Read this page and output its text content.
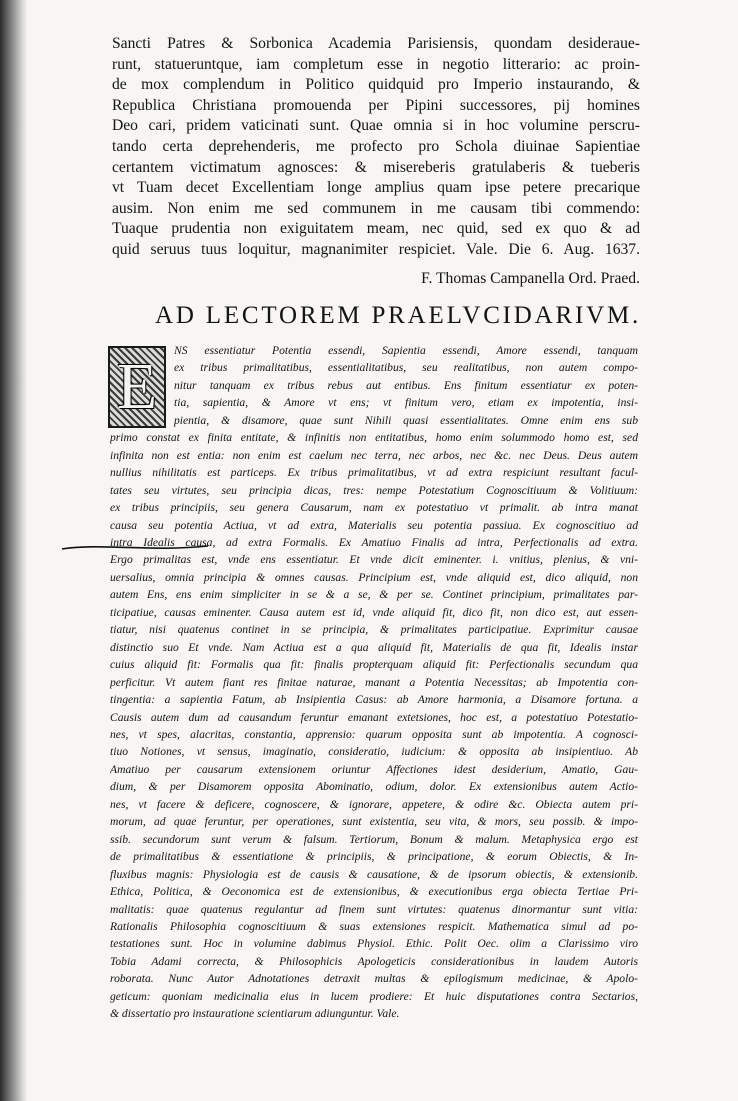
Sancti Patres & Sorbonica Academia Parisiensis, quondam desideraue-
runt, statueruntque, iam completum esse in negotio litterario: ac proin-
de mox complendum in Politico quidquid pro Imperio instaurando, &
Republica Christiana promouenda per Pipini successores, pij homines
Deo cari, pridem vaticinati sunt. Quae omnia si in hoc volumine perscru-
tando certa deprehenderis, me profecto pro Schola diuinae Sapientiae
certantem victimatum agnosces: & misereberis gratulaberis & tueberis
vt Tuam decet Excellentiam longe amplius quam ipse petere precarique
ausim. Non enim me sed communem in me causam tibi commendo:
Tuaque prudentia non exiguitatem meam, nec quid, sed ex quo & ad
quid seruus tuus loquitur, magnanimiter respiciet. Vale. Die 6. Aug. 1637.
F. Thomas Campanella Ord. Praed.
AD LECTOREM PRAELVCIDARIVM.
E	NS essentiatur Potentia essendi, Sapientia essendi, Amore essendi, tanquam
ex tribus primalitatibus, essentialitatibus, seu realitatibus, non autem compo-
nitur tanquam ex tribus rebus aut entibus. Ens finitum essentiatur ex poten-
tia, sapientia, & Amore vt ens; vt finitum vero, etiam ex impotentia, insi-
pientia, & disamore, quae sunt Nihili quasi essentialitates. Omne enim ens sub
primo constat ex finita entitate, & infinitis non entitatibus, homo enim solummodo homo est, sed
infinita non est entia: non enim est caelum nec terra, nec arbos, nec &c. nec Deus. Deus autem
nullius nihilitatis est particeps. Ex tribus primalitatibus, vt ad extra respiciunt resultant facul-
tates seu virtutes, seu principia dicas, tres: nempe Potestatium Cognoscitiuum & Volitiuum:
ex tribus principiis, seu genera Causarum, nam ex potestatiuo vt primalit. ab intra manat
causa seu potentia Actiua, vt ad extra, Materialis seu potentia passiua. Ex cognoscitiuo ad
intra Idealis causa, ad extra Formalis. Ex Amatiuo Finalis ad intra, Perfectionalis ad extra.
Ergo primalitas est, vnde ens essentiatur. Et vnde dicit eminenter. i. vnitius, plenius, & vni-
uersalius, omnia principia & omnes causas. Principium est, vnde aliquid est, dico aliquid, non
autem Ens, ens enim simpliciter in se & a se, & per se. Continet principium, primalitates par-
ticipatiue, causas eminenter. Causa autem est id, vnde aliquid fit, dico fit, non dico est, aut essen-
tiatur, nisi quatenus continet in se principia, & primalitates participatiue. Exprimitur causae
distinctio suo Et vnde. Nam Actiua est a qua aliquid fit, Materialis de qua fit, Idealis instar
cuius aliquid fit: Formalis qua fit: finalis propterquam aliquid fit: Perfectionalis secundum qua
perficitur. Vt autem fiant res finitae naturae, manant a Potentia Necessitas; ab Impotentia con-
tingentia: a sapientia Fatum, ab Insipientia Casus: ab Amore harmonia, a Disamore fortuna. a
Causis autem dum ad causandum feruntur emanant extetsiones, hoc est, a potestatiuo Potestatio-
nes, vt spes, alacritas, constantia, apprensio: quarum opposita sunt ab impotentia. A cognosci-
tiuo Notiones, vt sensus, imaginatio, consideratio, iudicium: & opposita ab insipientiuo. Ab
Amatiuo per causarum extensionem oriuntur Affectiones idest desiderium, Amatio, Gau-
dium, & per Disamorem opposita Abominatio, odium, dolor. Ex extensionibus autem Actio-
nes, vt facere & deficere, cognoscere, & ignorare, appetere, & odire &c. Obiecta autem pri-
morum, ad quae feruntur, per operationes, sunt existentia, seu vita, & mors, seu possib. & impo-
ssib. secundorum sunt verum & falsum. Tertiorum, Bonum & malum. Metaphysica ergo est
de primalitatibus & essentiatione & principiis, & principatione, & eorum Obiectis, & In-
fluxibus magnis: Physiologia est de causis & causatione, & de ipsorum obiectis, & extensionib.
Ethica, Politica, & Oeconomica est de extensionibus, & executionibus erga obiecta Tertiae Pri-
malitatis: quae quatenus regulantur ad finem sunt virtutes: quatenus dinormantur sunt vitia:
Rationalis Philosophia cognoscitiuum & suas extensiones respicit. Mathematica simul ad po-
testationes sunt. Hoc in volumine dabimus Physiol. Ethic. Polit Oec. olim a Clarissimo viro
Tobia Adami correcta, & Philosophicis Apologeticis considerationibus in laudem Autoris
roborata. Nunc Autor Adnotationes detraxit multas & epilogismum medicinae, & Apolo-
geticum: quoniam medicinalia eius in lucem prodiere: Et huic disputationes contra Sectarios,
& dissertatio pro instauratione scientiarum adiunguntur. Vale.
